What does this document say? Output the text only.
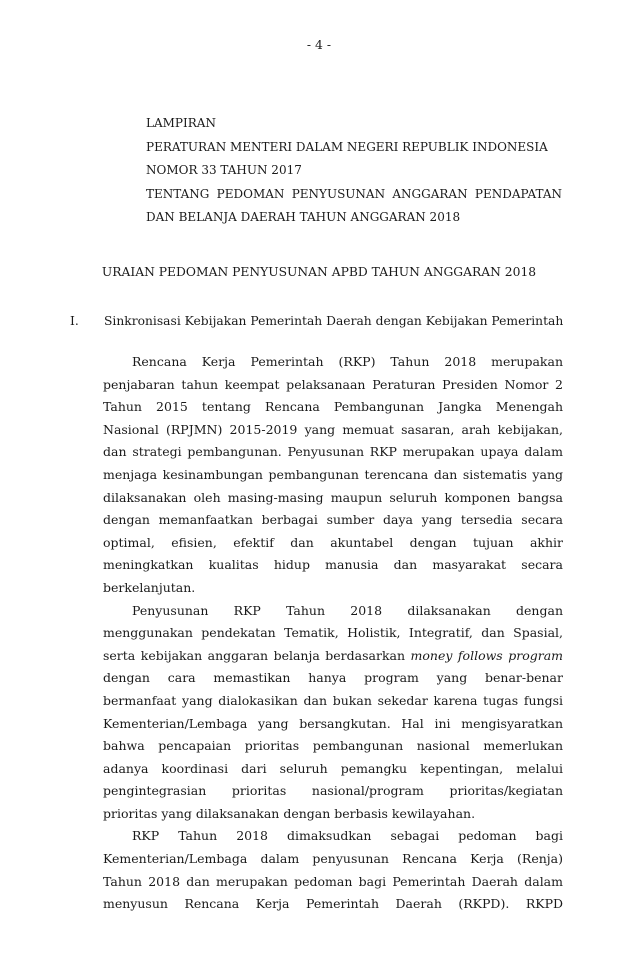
- 4 -
LAMPIRAN
PERATURAN MENTERI DALAM NEGERI REPUBLIK INDONESIA
NOMOR 33 TAHUN 2017
TENTANG PEDOMAN PENYUSUNAN ANGGARAN PENDAPATAN
DAN BELANJA DAERAH TAHUN ANGGARAN 2018
URAIAN PEDOMAN PENYUSUNAN APBD TAHUN ANGGARAN 2018
I. Sinkronisasi Kebijakan Pemerintah Daerah dengan Kebijakan Pemerintah
Rencana Kerja Pemerintah (RKP) Tahun 2018 merupakan
penjabaran tahun keempat pelaksanaan Peraturan Presiden Nomor 2
Tahun 2015 tentang Rencana Pembangunan Jangka Menengah
Nasional (RPJMN) 2015-2019 yang memuat sasaran, arah kebijakan,
dan strategi pembangunan. Penyusunan RKP merupakan upaya dalam
menjaga kesinambungan pembangunan terencana dan sistematis yang
dilaksanakan oleh masing-masing maupun seluruh komponen bangsa
dengan memanfaatkan berbagai sumber daya yang tersedia secara
optimal, efisien, efektif dan akuntabel dengan tujuan akhir
meningkatkan kualitas hidup manusia dan masyarakat secara
berkelanjutan.
Penyusunan RKP Tahun 2018 dilaksanakan dengan
menggunakan pendekatan Tematik, Holistik, Integratif, dan Spasial,
serta kebijakan anggaran belanja berdasarkan money follows program
dengan cara memastikan hanya program yang benar-benar
bermanfaat yang dialokasikan dan bukan sekedar karena tugas fungsi
Kementerian/Lembaga yang bersangkutan. Hal ini mengisyaratkan
bahwa pencapaian prioritas pembangunan nasional memerlukan
adanya koordinasi dari seluruh pemangku kepentingan, melalui
pengintegrasian prioritas nasional/program prioritas/kegiatan
prioritas yang dilaksanakan dengan berbasis kewilayahan.
RKP Tahun 2018 dimaksudkan sebagai pedoman bagi
Kementerian/Lembaga dalam penyusunan Rencana Kerja (Renja)
Tahun 2018 dan merupakan pedoman bagi Pemerintah Daerah dalam
menyusun Rencana Kerja Pemerintah Daerah (RKPD). RKPD
